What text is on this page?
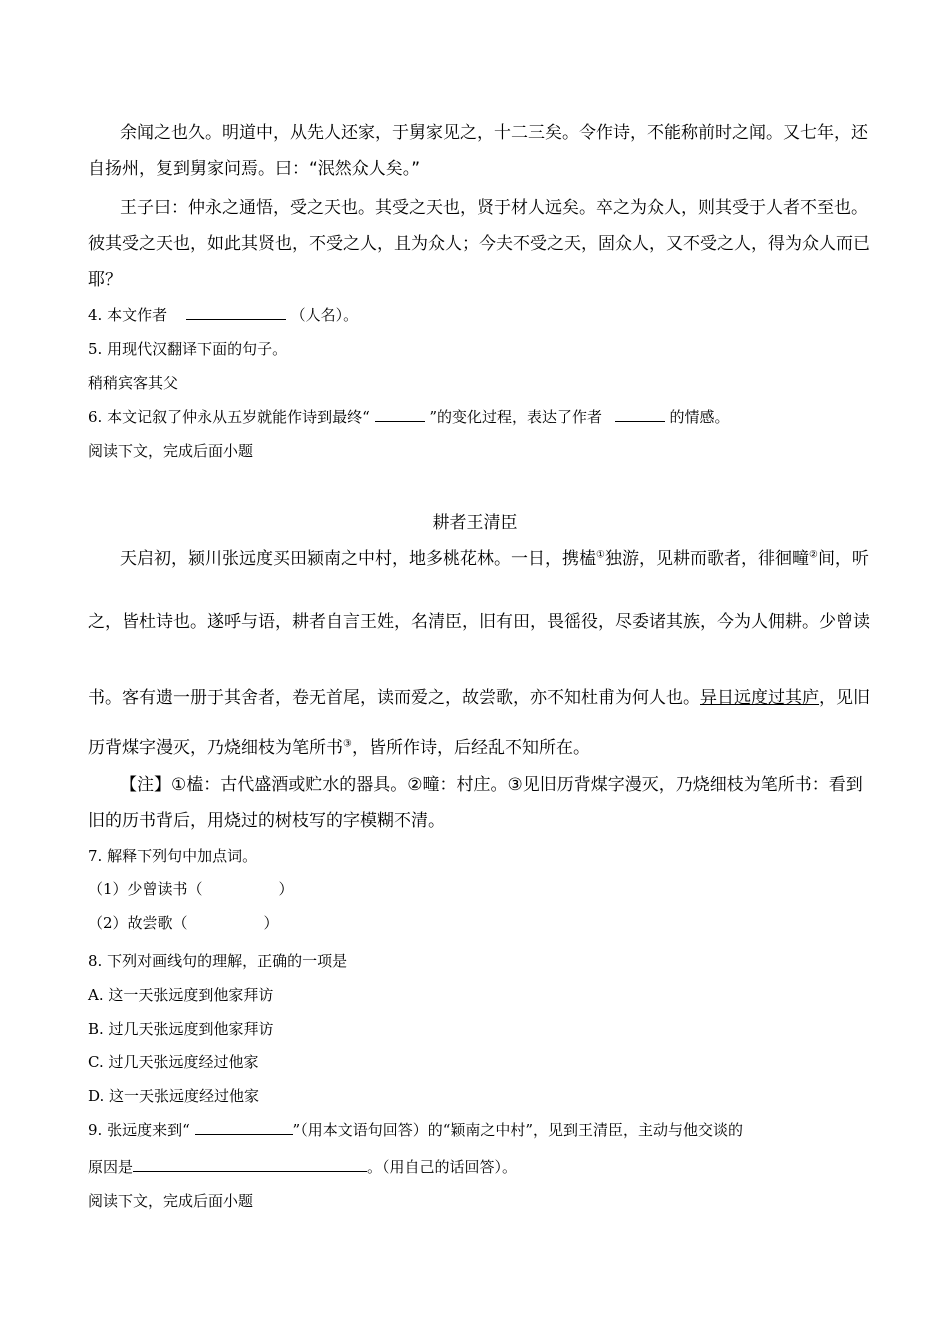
余闻之也久。明道中，从先人还家，于舅家见之，十二三矣。令作诗，不能称前时之闻。又七年，还
自扬州，复到舅家问焉。曰：“泯然众人矣。”
王子曰：仲永之通悟，受之天也。其受之天也，贤于材人远矣。卒之为众人，则其受于人者不至也。
彼其受之天也，如此其贤也，不受之人，且为众人；今夫不受之天，固众人，又不受之人，得为众人而已
耶？
4. 本文作者	（人名）。
5. 用现代汉翻译下面的句子。
稍稍宾客其父
6. 本文记叙了仲永从五岁就能作诗到最终“	”的变化过程，表达了作者	的情感。
阅读下文，完成后面小题
耕者王清臣
天启初，颍川张远度买田颍南之中村，地多桃花林。一日，携榼①独游，见耕而歌者，徘徊疃②间，听
之，皆杜诗也。遂呼与语，耕者自言王姓，名清臣，旧有田，畏徭役，尽委诸其族，今为人佣耕。少曾读
书。客有遗一册于其舍者，卷无首尾，读而爱之，故尝歌，亦不知杜甫为何人也。异日远度过其庐，见旧
历背煤字漫灭，乃烧细枝为笔所书③，皆所作诗，后经乱不知所在。
【注】①榼：古代盛酒或贮水的器具。②疃：村庄。③见旧历背煤字漫灭，乃烧细枝为笔所书：看到
旧的历书背后，用烧过的树枝写的字模糊不清。
7. 解释下列句中加点词。
（1）少曾读书（	）
（2）故尝歌（	）
8. 下列对画线句的理解，正确的一项是
A. 这一天张远度到他家拜访
B. 过几天张远度到他家拜访
C. 过几天张远度经过他家
D. 这一天张远度经过他家
9. 张远度来到“	”（用本文语句回答）的“颖南之中村”，见到王清臣，主动与他交谈的
原因是	。（用自己的话回答）。
阅读下文，完成后面小题
